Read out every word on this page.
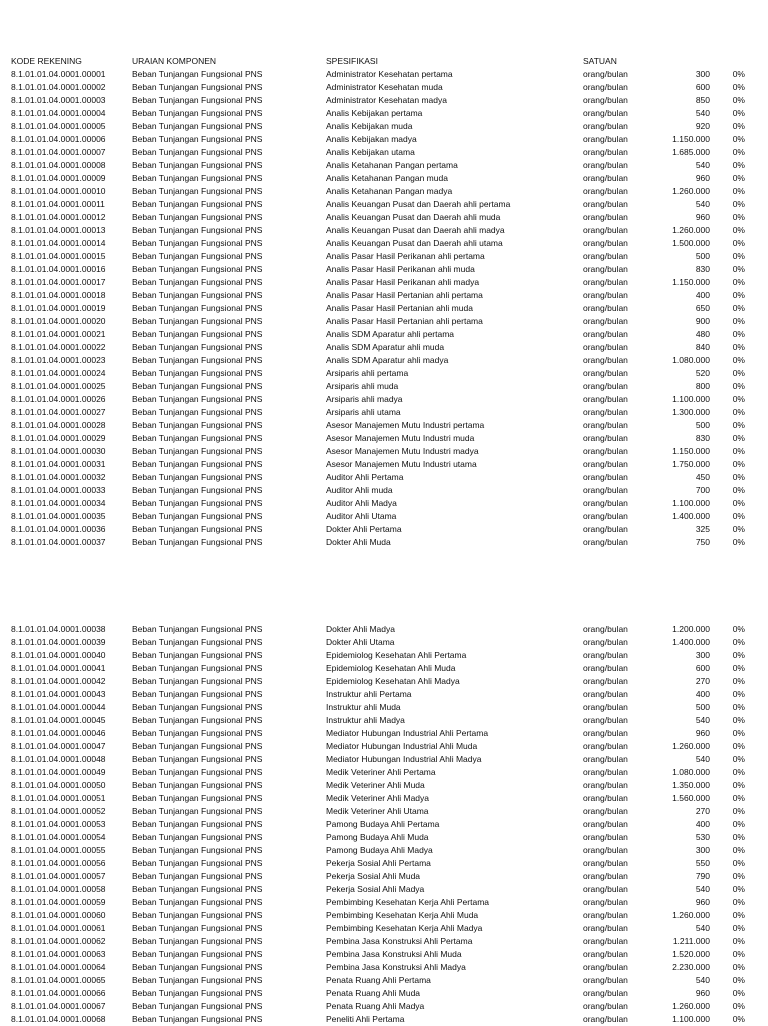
KODE REKENING	URAIAN KOMPONEN	SPESIFIKASI	SATUAN
8.1.01.01.04.0001.00001	Beban Tunjangan Fungsional PNS	Administrator Kesehatan pertama	orang/bulan	300	0%
8.1.01.01.04.0001.00002	Beban Tunjangan Fungsional PNS	Administrator Kesehatan muda	orang/bulan	600	0%
8.1.01.01.04.0001.00003	Beban Tunjangan Fungsional PNS	Administrator Kesehatan madya	orang/bulan	850	0%
8.1.01.01.04.0001.00004	Beban Tunjangan Fungsional PNS	Analis Kebijakan pertama	orang/bulan	540	0%
8.1.01.01.04.0001.00005	Beban Tunjangan Fungsional PNS	Analis Kebijakan muda	orang/bulan	920	0%
8.1.01.01.04.0001.00006	Beban Tunjangan Fungsional PNS	Analis Kebijakan madya	orang/bulan	1.150.000	0%
8.1.01.01.04.0001.00007	Beban Tunjangan Fungsional PNS	Analis Kebijakan utama	orang/bulan	1.685.000	0%
8.1.01.01.04.0001.00008	Beban Tunjangan Fungsional PNS	Analis Ketahanan Pangan pertama	orang/bulan	540	0%
8.1.01.01.04.0001.00009	Beban Tunjangan Fungsional PNS	Analis Ketahanan Pangan muda	orang/bulan	960	0%
8.1.01.01.04.0001.00010	Beban Tunjangan Fungsional PNS	Analis Ketahanan Pangan madya	orang/bulan	1.260.000	0%
8.1.01.01.04.0001.00011	Beban Tunjangan Fungsional PNS	Analis Keuangan Pusat dan Daerah ahli pertama	orang/bulan	540	0%
8.1.01.01.04.0001.00012	Beban Tunjangan Fungsional PNS	Analis Keuangan Pusat dan Daerah ahli muda	orang/bulan	960	0%
8.1.01.01.04.0001.00013	Beban Tunjangan Fungsional PNS	Analis Keuangan Pusat dan Daerah ahli madya	orang/bulan	1.260.000	0%
8.1.01.01.04.0001.00014	Beban Tunjangan Fungsional PNS	Analis Keuangan Pusat dan Daerah ahli utama	orang/bulan	1.500.000	0%
8.1.01.01.04.0001.00015	Beban Tunjangan Fungsional PNS	Analis Pasar Hasil Perikanan ahli pertama	orang/bulan	500	0%
8.1.01.01.04.0001.00016	Beban Tunjangan Fungsional PNS	Analis Pasar Hasil Perikanan ahli muda	orang/bulan	830	0%
8.1.01.01.04.0001.00017	Beban Tunjangan Fungsional PNS	Analis Pasar Hasil Perikanan ahli madya	orang/bulan	1.150.000	0%
8.1.01.01.04.0001.00018	Beban Tunjangan Fungsional PNS	Analis Pasar Hasil Pertanian ahli pertama	orang/bulan	400	0%
8.1.01.01.04.0001.00019	Beban Tunjangan Fungsional PNS	Analis Pasar Hasil Pertanian ahli muda	orang/bulan	650	0%
8.1.01.01.04.0001.00020	Beban Tunjangan Fungsional PNS	Analis Pasar Hasil Pertanian ahli pertama	orang/bulan	900	0%
8.1.01.01.04.0001.00021	Beban Tunjangan Fungsional PNS	Analis SDM Aparatur ahli pertama	orang/bulan	480	0%
8.1.01.01.04.0001.00022	Beban Tunjangan Fungsional PNS	Analis SDM Aparatur ahli muda	orang/bulan	840	0%
8.1.01.01.04.0001.00023	Beban Tunjangan Fungsional PNS	Analis SDM Aparatur ahli madya	orang/bulan	1.080.000	0%
8.1.01.01.04.0001.00024	Beban Tunjangan Fungsional PNS	Arsiparis ahli pertama	orang/bulan	520	0%
8.1.01.01.04.0001.00025	Beban Tunjangan Fungsional PNS	Arsiparis ahli muda	orang/bulan	800	0%
8.1.01.01.04.0001.00026	Beban Tunjangan Fungsional PNS	Arsiparis ahli madya	orang/bulan	1.100.000	0%
8.1.01.01.04.0001.00027	Beban Tunjangan Fungsional PNS	Arsiparis ahli utama	orang/bulan	1.300.000	0%
8.1.01.01.04.0001.00028	Beban Tunjangan Fungsional PNS	Asesor Manajemen Mutu Industri pertama	orang/bulan	500	0%
8.1.01.01.04.0001.00029	Beban Tunjangan Fungsional PNS	Asesor Manajemen Mutu Industri muda	orang/bulan	830	0%
8.1.01.01.04.0001.00030	Beban Tunjangan Fungsional PNS	Asesor Manajemen Mutu Industri madya	orang/bulan	1.150.000	0%
8.1.01.01.04.0001.00031	Beban Tunjangan Fungsional PNS	Asesor Manajemen Mutu Industri utama	orang/bulan	1.750.000	0%
8.1.01.01.04.0001.00032	Beban Tunjangan Fungsional PNS	Auditor Ahli Pertama	orang/bulan	450	0%
8.1.01.01.04.0001.00033	Beban Tunjangan Fungsional PNS	Auditor Ahli muda	orang/bulan	700	0%
8.1.01.01.04.0001.00034	Beban Tunjangan Fungsional PNS	Auditor Ahli Madya	orang/bulan	1.100.000	0%
8.1.01.01.04.0001.00035	Beban Tunjangan Fungsional PNS	Auditor Ahli Utama	orang/bulan	1.400.000	0%
8.1.01.01.04.0001.00036	Beban Tunjangan Fungsional PNS	Dokter Ahli Pertama	orang/bulan	325	0%
8.1.01.01.04.0001.00037	Beban Tunjangan Fungsional PNS	Dokter Ahli Muda	orang/bulan	750	0%
8.1.01.01.04.0001.00038	Beban Tunjangan Fungsional PNS	Dokter Ahli Madya	orang/bulan	1.200.000	0%
8.1.01.01.04.0001.00039	Beban Tunjangan Fungsional PNS	Dokter Ahli Utama	orang/bulan	1.400.000	0%
8.1.01.01.04.0001.00040	Beban Tunjangan Fungsional PNS	Epidemiolog Kesehatan Ahli Pertama	orang/bulan	300	0%
8.1.01.01.04.0001.00041	Beban Tunjangan Fungsional PNS	Epidemiolog Kesehatan Ahli Muda	orang/bulan	600	0%
8.1.01.01.04.0001.00042	Beban Tunjangan Fungsional PNS	Epidemiolog Kesehatan Ahli Madya	orang/bulan	270	0%
8.1.01.01.04.0001.00043	Beban Tunjangan Fungsional PNS	Instruktur ahli Pertama	orang/bulan	400	0%
8.1.01.01.04.0001.00044	Beban Tunjangan Fungsional PNS	Instruktur ahli Muda	orang/bulan	500	0%
8.1.01.01.04.0001.00045	Beban Tunjangan Fungsional PNS	Instruktur ahli Madya	orang/bulan	540	0%
8.1.01.01.04.0001.00046	Beban Tunjangan Fungsional PNS	Mediator Hubungan Industrial Ahli Pertama	orang/bulan	960	0%
8.1.01.01.04.0001.00047	Beban Tunjangan Fungsional PNS	Mediator Hubungan Industrial Ahli Muda	orang/bulan	1.260.000	0%
8.1.01.01.04.0001.00048	Beban Tunjangan Fungsional PNS	Mediator Hubungan Industrial Ahli Madya	orang/bulan	540	0%
8.1.01.01.04.0001.00049	Beban Tunjangan Fungsional PNS	Medik Veteriner Ahli Pertama	orang/bulan	1.080.000	0%
8.1.01.01.04.0001.00050	Beban Tunjangan Fungsional PNS	Medik Veteriner Ahli Muda	orang/bulan	1.350.000	0%
8.1.01.01.04.0001.00051	Beban Tunjangan Fungsional PNS	Medik Veteriner Ahli Madya	orang/bulan	1.560.000	0%
8.1.01.01.04.0001.00052	Beban Tunjangan Fungsional PNS	Medik Veteriner Ahli Utama	orang/bulan	270	0%
8.1.01.01.04.0001.00053	Beban Tunjangan Fungsional PNS	Pamong Budaya Ahli Pertama	orang/bulan	400	0%
8.1.01.01.04.0001.00054	Beban Tunjangan Fungsional PNS	Pamong Budaya Ahli Muda	orang/bulan	530	0%
8.1.01.01.04.0001.00055	Beban Tunjangan Fungsional PNS	Pamong Budaya Ahli Madya	orang/bulan	300	0%
8.1.01.01.04.0001.00056	Beban Tunjangan Fungsional PNS	Pekerja Sosial Ahli Pertama	orang/bulan	550	0%
8.1.01.01.04.0001.00057	Beban Tunjangan Fungsional PNS	Pekerja Sosial Ahli Muda	orang/bulan	790	0%
8.1.01.01.04.0001.00058	Beban Tunjangan Fungsional PNS	Pekerja Sosial Ahli Madya	orang/bulan	540	0%
8.1.01.01.04.0001.00059	Beban Tunjangan Fungsional PNS	Pembimbing Kesehatan Kerja Ahli Pertama	orang/bulan	960	0%
8.1.01.01.04.0001.00060	Beban Tunjangan Fungsional PNS	Pembimbing Kesehatan Kerja Ahli Muda	orang/bulan	1.260.000	0%
8.1.01.01.04.0001.00061	Beban Tunjangan Fungsional PNS	Pembimbing Kesehatan Kerja Ahli Madya	orang/bulan	540	0%
8.1.01.01.04.0001.00062	Beban Tunjangan Fungsional PNS	Pembina Jasa Konstruksi Ahli Pertama	orang/bulan	1.211.000	0%
8.1.01.01.04.0001.00063	Beban Tunjangan Fungsional PNS	Pembina Jasa Konstruksi Ahli Muda	orang/bulan	1.520.000	0%
8.1.01.01.04.0001.00064	Beban Tunjangan Fungsional PNS	Pembina Jasa Konstruksi Ahli Madya	orang/bulan	2.230.000	0%
8.1.01.01.04.0001.00065	Beban Tunjangan Fungsional PNS	Penata Ruang Ahli Pertama	orang/bulan	540	0%
8.1.01.01.04.0001.00066	Beban Tunjangan Fungsional PNS	Penata Ruang Ahli Muda	orang/bulan	960	0%
8.1.01.01.04.0001.00067	Beban Tunjangan Fungsional PNS	Penata Ruang Ahli Madya	orang/bulan	1.260.000	0%
8.1.01.01.04.0001.00068	Beban Tunjangan Fungsional PNS	Peneliti Ahli Pertama	orang/bulan	1.100.000	0%
